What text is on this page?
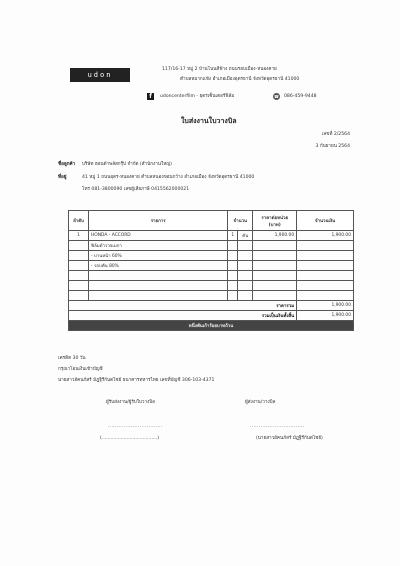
udon
117/16-17 หมู่ 2 บ้านโนนสีฟ้าง ถนนรอบเมือง-หนองคาย
ตำบลหมากแข้ง อำเภอเมืองอุดรธานี จังหวัดอุดรธานี 41000
f	udoncenterfilm - ยุดรเซ็นเตอร์ฟิล์ม	☎ 086-459-9448
ใบส่งงานใบวางบิล
เลขที่ 2/2564
3 กันยายน 2564
ชื่อลูกค้า บริษัท ฮอนด้าพลัสกรุ๊ป จำกัด (สำนักงานใหญ่)
ที่อยู่	41 หมู่ 1 ถนนอุดร-หนองคาย ตำบลหนองขอนกว้าง อำเภอเมือง จังหวัดอุดรธานี 41000
โทร 081-3800090 เลขผู้เสียภาษี 0415562000021
ลำดับ	รายการ	จำนวน		ราคาต่อหน่วย (บาท)	จำนวนเงิน
1	HONDA - ACCORD	1	คัน	1,900.00	1,900.00
	ฟิล์มตำรวจเมกา				
	- บานหน้า 60%				
	- รอบคัน 80%				

ราคารวม					1,900.00
รวมเป็นเงินทั้งสิ้น					1,900.00
หนึ่งพันเก้าร้อยบาทถ้วน					
เครดิต 30 วัน
กรุณาโอนเงินเข้าบัญชี
นายสาวอัคนภัสร์ มัฎฐิรีก้นตไชย์ ธนาคารทหารไทย เลขที่บัญชี 306-103-4371
ผู้รับส่งงาน/ผู้รับใบวางบิล	ผู้ส่งงาน/วางบิล
...............................	...............................
(......................................)	(นายสาวอัคนภัสร์ มัฎฐิรีก้นตไชย์)
